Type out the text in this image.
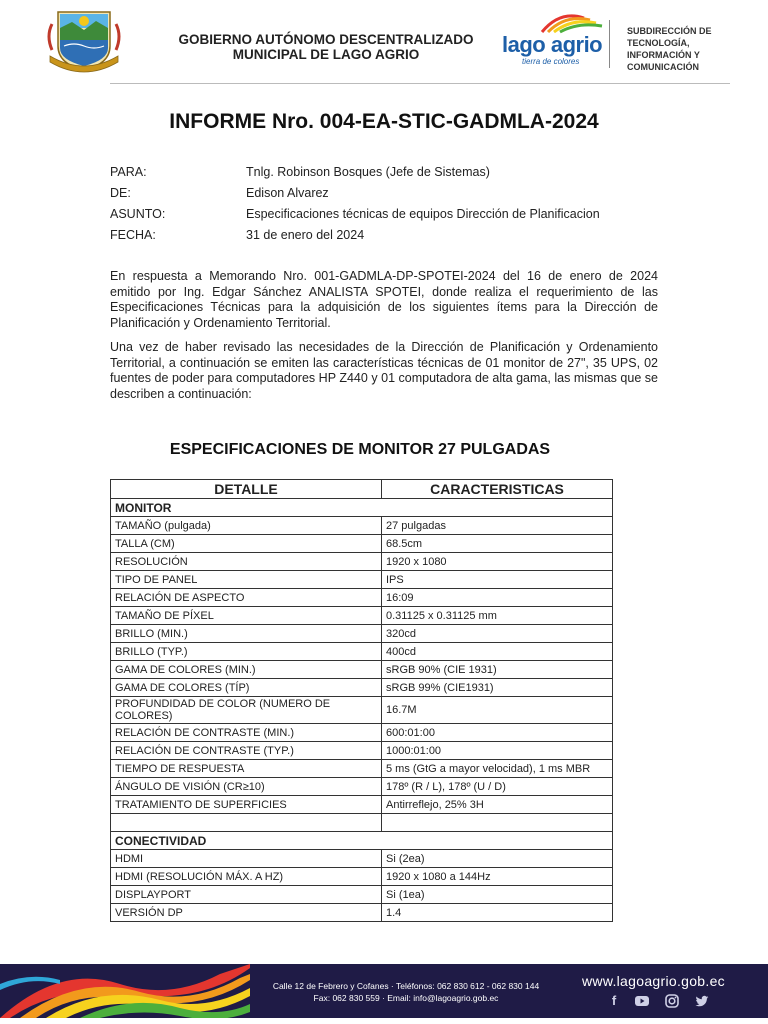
GOBIERNO AUTÓNOMO DESCENTRALIZADO
MUNICIPAL DE LAGO AGRIO	lago agrio
tierra de colores
SUBDIRECCIÓN DE
TECNOLOGÍA,
INFORMACIÓN Y
COMUNICACIÓN
INFORME Nro. 004-EA-STIC-GADMLA-2024
PARA:	Tnlg. Robinson Bosques (Jefe de Sistemas)
DE:	Edison Alvarez
ASUNTO:	Especificaciones técnicas de equipos Dirección de Planificacion
FECHA:	31 de enero del 2024

En respuesta a Memorando Nro. 001-GADMLA-DP-SPOTEI-2024 del 16 de enero de 2024 emitido por Ing. Edgar Sánchez ANALISTA SPOTEI, donde realiza el requerimiento de las Especificaciones Técnicas para la adquisición de los siguientes ítems para la Dirección de Planificación y Ordenamiento Territorial.

Una vez de haber revisado las necesidades de la Dirección de Planificación y Ordenamiento Territorial, a continuación se emiten las características técnicas de 01 monitor de 27", 35 UPS, 02 fuentes de poder para computadores HP Z440 y 01 computadora de alta gama, las mismas que se describen a continuación:

ESPECIFICACIONES DE MONITOR 27 PULGADAS
DETALLE	CARACTERISTICAS
MONITOR	
TAMAÑO (pulgada)	27 pulgadas
TALLA (CM)	68.5cm
RESOLUCIÓN	1920 x 1080
TIPO DE PANEL	IPS
RELACIÓN DE ASPECTO	16:09
TAMAÑO DE PÍXEL	0.31125 x 0.31125 mm
BRILLO (MIN.)	320cd
BRILLO (TYP.)	400cd
GAMA DE COLORES (MIN.)	sRGB 90% (CIE 1931)
GAMA DE COLORES (TÍP)	sRGB 99% (CIE1931)
PROFUNDIDAD DE COLOR (NUMERO DE COLORES)	16.7M
RELACIÓN DE CONTRASTE (MIN.)	600:01:00
RELACIÓN DE CONTRASTE (TYP.)	1000:01:00
TIEMPO DE RESPUESTA	5 ms (GtG a mayor velocidad), 1 ms MBR
ÁNGULO DE VISIÓN (CR≥10)	178º (R / L), 178º (U / D)
TRATAMIENTO DE SUPERFICIES	Antirreflejo, 25% 3H

CONECTIVIDAD	
HDMI	Si (2ea)
HDMI (RESOLUCIÓN MÁX. A HZ)	1920 x 1080 a 144Hz
DISPLAYPORT	Si (1ea)
VERSIÓN DP	1.4
Calle 12 de Febrero y Cofanes · Teléfonos: 062 830 612 - 062 830 144
Fax: 062 830 559 · Email: info@lagoagrio.gob.ec
www.lagoagrio.gob.ec
f
